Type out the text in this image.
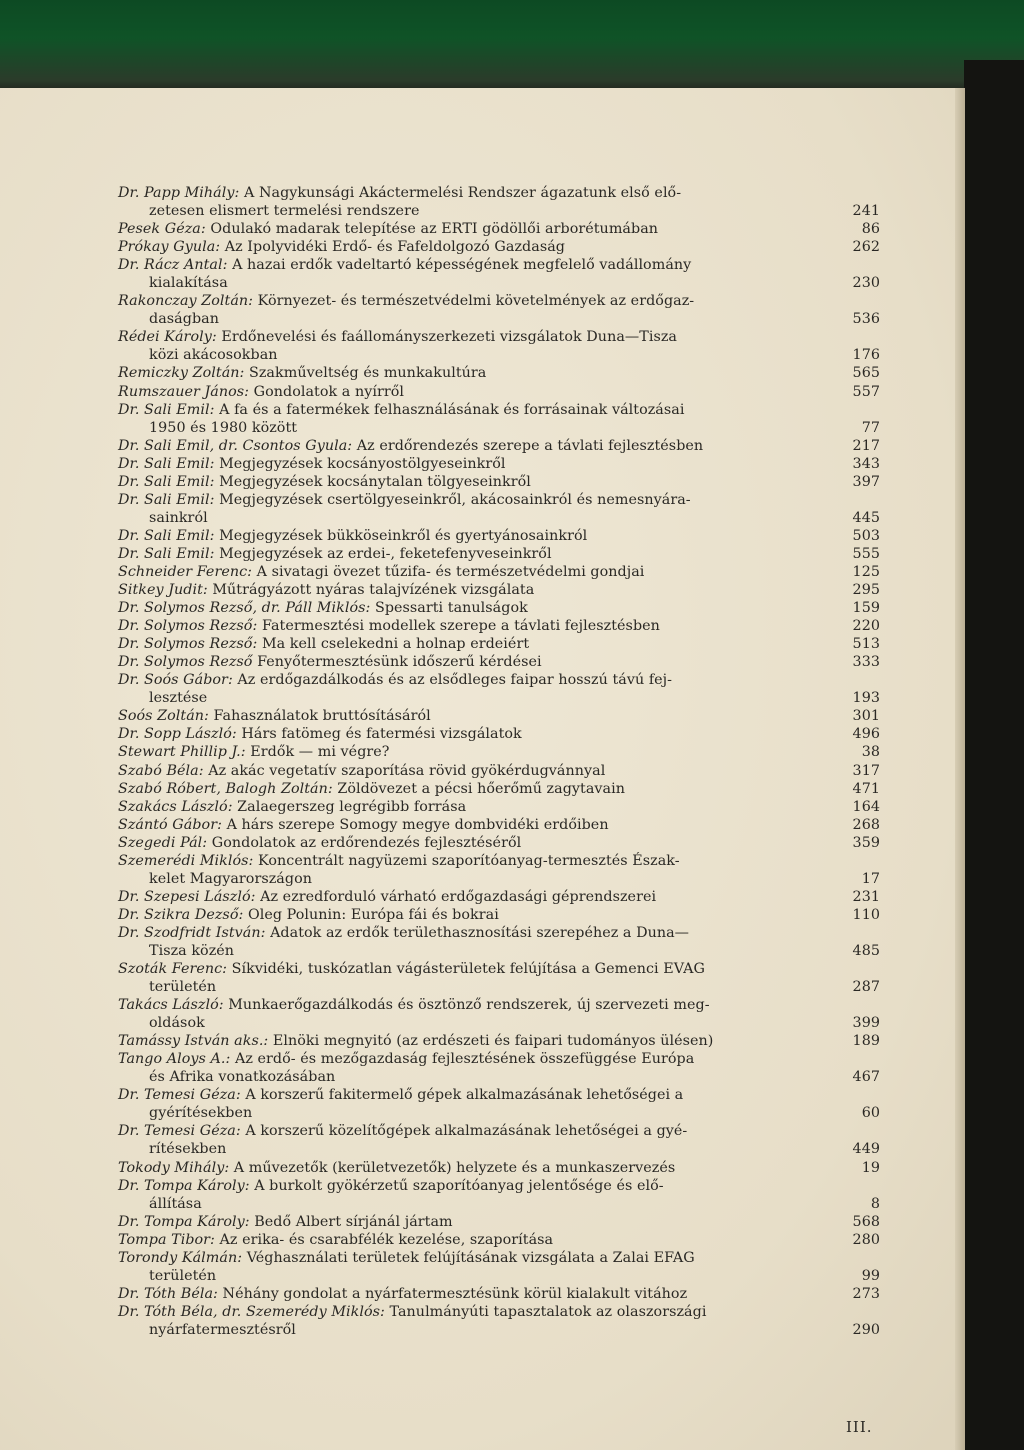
Dr. Papp Mihály: A Nagykunsági Akáctermelési Rendszer ágazatunk első elő-
zetesen elismert termelési rendszere	241
Pesek Géza: Odulakó madarak telepítése az ERTI gödöllői arborétumában	86
Prókay Gyula: Az Ipolyvidéki Erdő- és Fafeldolgozó Gazdaság	262
Dr. Rácz Antal: A hazai erdők vadeltartó képességének megfelelő vadállomány
kialakítása	230
Rakonczay Zoltán: Környezet- és természetvédelmi követelmények az erdőgaz-
daságban	536
Rédei Károly: Erdőnevelési és faállományszerkezeti vizsgálatok Duna—Tisza
közi akácosokban	176
Remiczky Zoltán: Szakműveltség és munkakultúra	565
Rumszauer János: Gondolatok a nyírről	557
Dr. Sali Emil: A fa és a fatermékek felhasználásának és forrásainak változásai
1950 és 1980 között	77
Dr. Sali Emil, dr. Csontos Gyula: Az erdőrendezés szerepe a távlati fejlesztésben	217
Dr. Sali Emil: Megjegyzések kocsányostölgyeseinkről	343
Dr. Sali Emil: Megjegyzések kocsánytalan tölgyeseinkről	397
Dr. Sali Emil: Megjegyzések csertölgyeseinkről, akácosainkról és nemesnyára-
sainkról	445
Dr. Sali Emil: Megjegyzések bükköseinkről és gyertyánosainkról	503
Dr. Sali Emil: Megjegyzések az erdei-, feketefenyveseinkről	555
Schneider Ferenc: A sivatagi övezet tűzifa- és természetvédelmi gondjai	125
Sitkey Judit: Műtrágyázott nyáras talajvízének vizsgálata	295
Dr. Solymos Rezső, dr. Páll Miklós: Spessarti tanulságok	159
Dr. Solymos Rezső: Fatermesztési modellek szerepe a távlati fejlesztésben	220
Dr. Solymos Rezső: Ma kell cselekedni a holnap erdeiért	513
Dr. Solymos Rezső Fenyőtermesztésünk időszerű kérdései	333
Dr. Soós Gábor: Az erdőgazdálkodás és az elsődleges faipar hosszú távú fej-
lesztése	193
Soós Zoltán: Fahasználatok bruttósításáról	301
Dr. Sopp László: Hárs fatömeg és fatermési vizsgálatok	496
Stewart Phillip J.: Erdők — mi végre?	38
Szabó Béla: Az akác vegetatív szaporítása rövid gyökérdugvánnyal	317
Szabó Róbert, Balogh Zoltán: Zöldövezet a pécsi hőerőmű zagytavain	471
Szakács László: Zalaegerszeg legrégibb forrása	164
Szántó Gábor: A hárs szerepe Somogy megye dombvidéki erdőiben	268
Szegedi Pál: Gondolatok az erdőrendezés fejlesztéséről	359
Szemerédi Miklós: Koncentrált nagyüzemi szaporítóanyag-termesztés Észak-
kelet Magyarországon	17
Dr. Szepesi László: Az ezredforduló várható erdőgazdasági géprendszerei	231
Dr. Szikra Dezső: Oleg Polunin: Európa fái és bokrai	110
Dr. Szodfridt István: Adatok az erdők területhasznosítási szerepéhez a Duna—
Tisza közén	485
Szoták Ferenc: Síkvidéki, tuskózatlan vágásterületek felújítása a Gemenci EVAG
területén	287
Takács László: Munkaerőgazdálkodás és ösztönző rendszerek, új szervezeti meg-
oldások	399
Tamássy István aks.: Elnöki megnyitó (az erdészeti és faipari tudományos ülésen)	189
Tango Aloys A.: Az erdő- és mezőgazdaság fejlesztésének összefüggése Európa
és Afrika vonatkozásában	467
Dr. Temesi Géza: A korszerű fakitermelő gépek alkalmazásának lehetőségei a
gyérítésekben	60
Dr. Temesi Géza: A korszerű közelítőgépek alkalmazásának lehetőségei a gyé-
rítésekben	449
Tokody Mihály: A művezetők (kerületvezetők) helyzete és a munkaszervezés	19
Dr. Tompa Károly: A burkolt gyökérzetű szaporítóanyag jelentősége és elő-
állítása	8
Dr. Tompa Károly: Bedő Albert sírjánál jártam	568
Tompa Tibor: Az erika- és csarabfélék kezelése, szaporítása	280
Torondy Kálmán: Véghasználati területek felújításának vizsgálata a Zalai EFAG
területén	99
Dr. Tóth Béla: Néhány gondolat a nyárfatermesztésünk körül kialakult vitához	273
Dr. Tóth Béla, dr. Szemerédy Miklós: Tanulmányúti tapasztalatok az olaszországi
nyárfatermesztésről	290
III.
